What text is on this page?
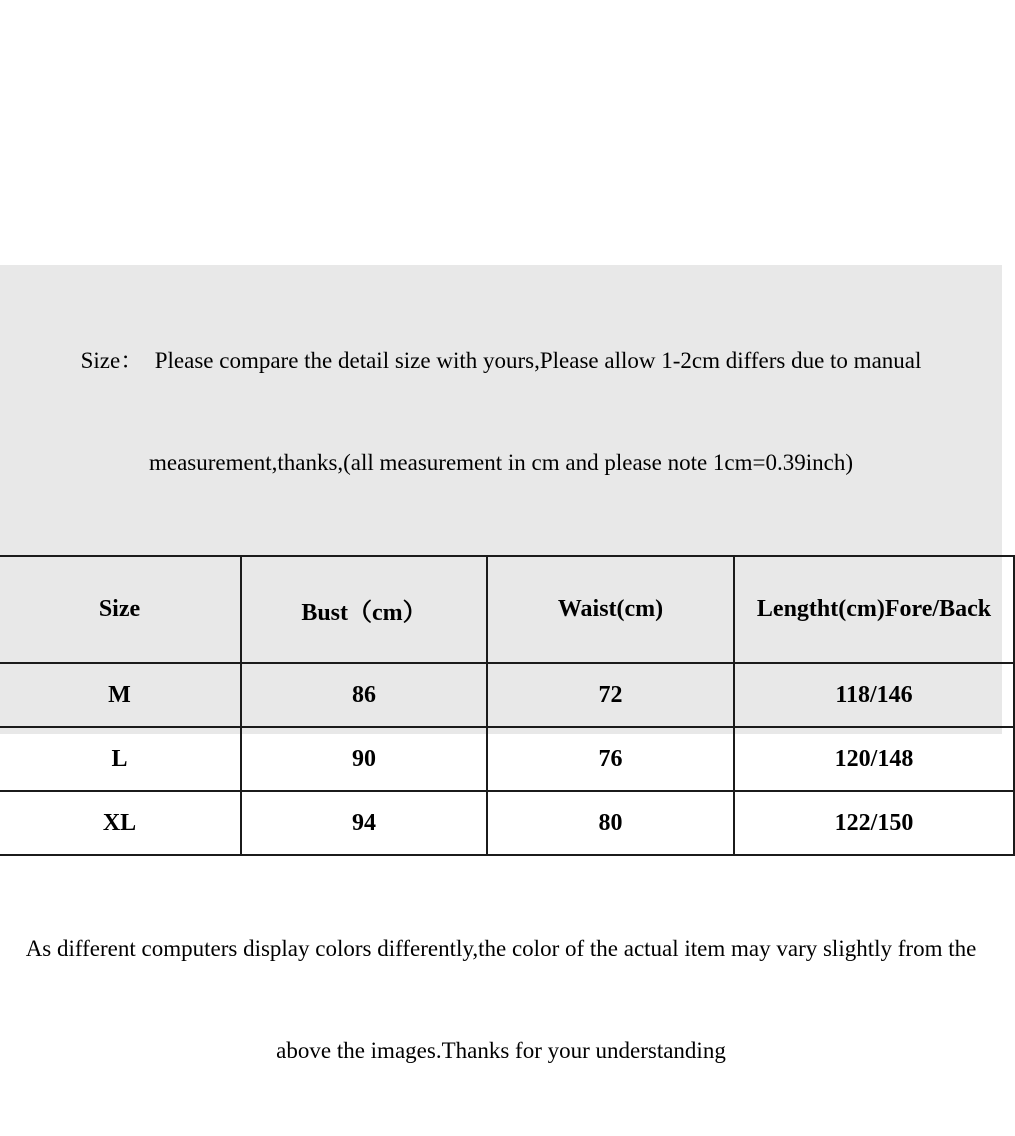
Size：  Please compare the detail size with yours,Please allow 1-2cm differs due to manual

measurement,thanks,(all measurement in cm and please note 1cm=0.39inch)

Size	Bust（cm）	Waist(cm)	Lengtht(cm)Fore/Back
M	86	72	118/146
L	90	76	120/148
XL	94	80	122/150

As different computers display colors differently,the color of the actual item may vary slightly from the

above the images.Thanks for your understanding
